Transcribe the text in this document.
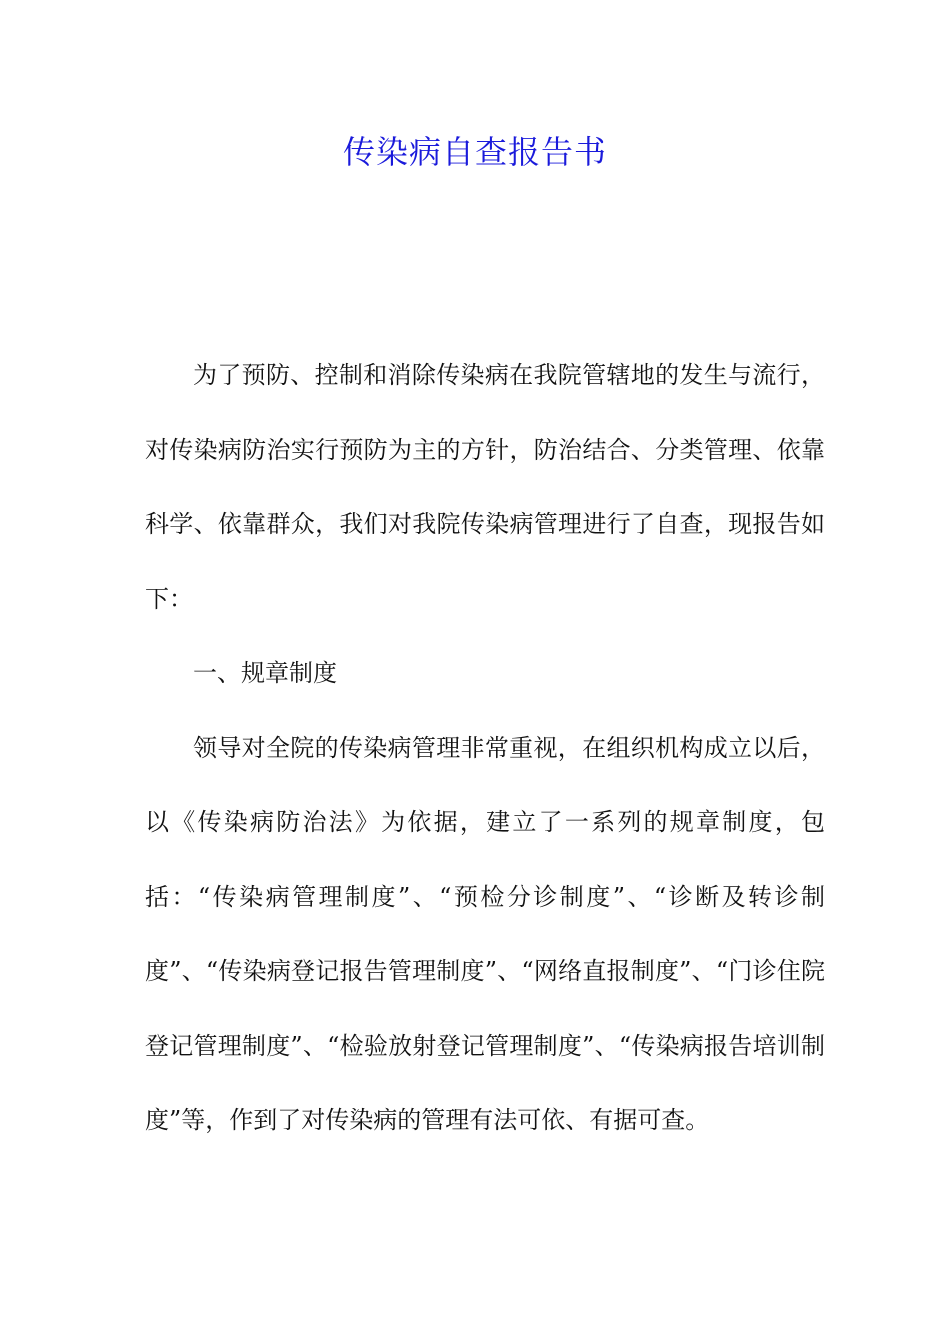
传染病自查报告书

为了预防、控制和消除传染病在我院管辖地的发生与流行，对传染病防治实行预防为主的方针，防治结合、分类管理、依靠科学、依靠群众，我们对我院传染病管理进行了自查，现报告如下：

一、规章制度

领导对全院的传染病管理非常重视，在组织机构成立以后，以《传染病防治法》为依据，建立了一系列的规章制度，包括：“传染病管理制度”、“预检分诊制度”、“诊断及转诊制度”、“传染病登记报告管理制度”、“网络直报制度”、“门诊住院登记管理制度”、“检验放射登记管理制度”、“传染病报告培训制度”等，作到了对传染病的管理有法可依、有据可查。
